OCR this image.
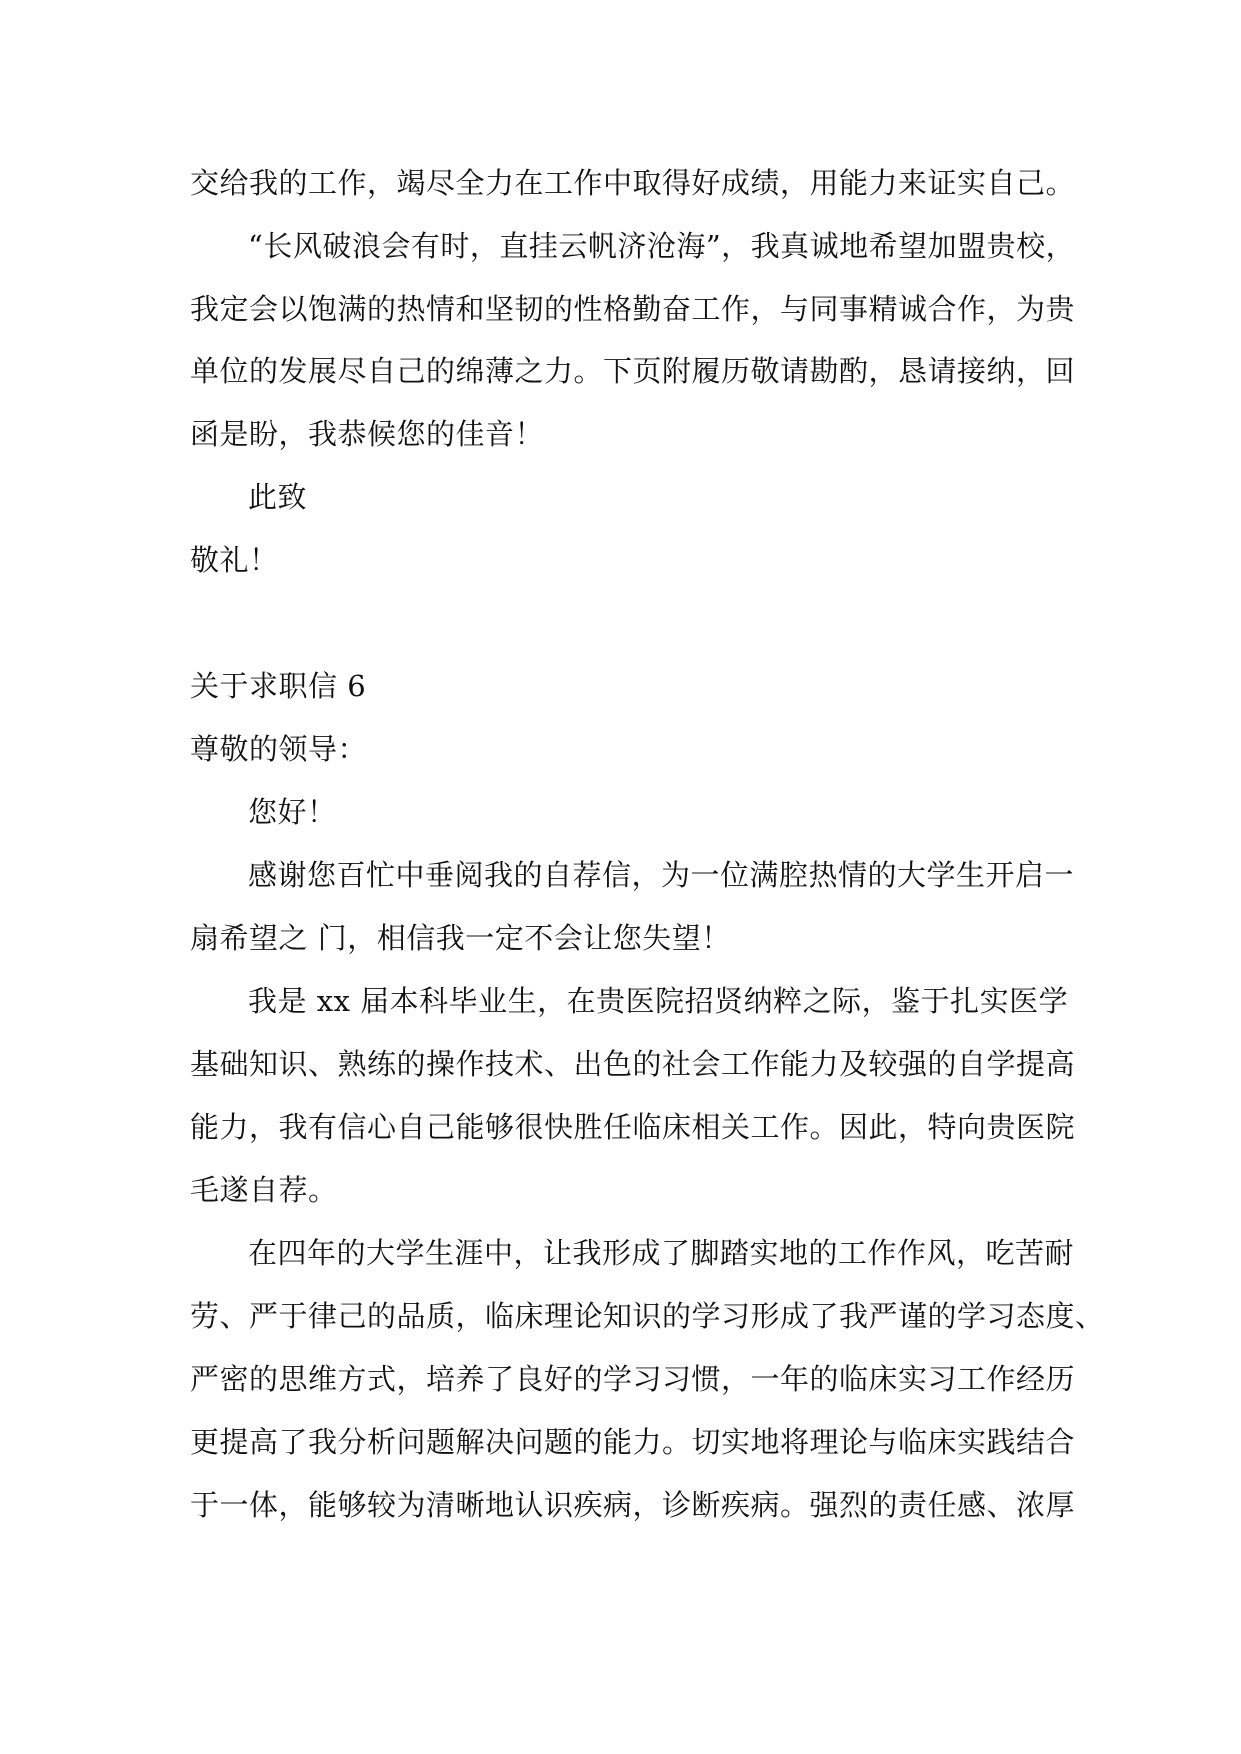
交给我的工作，竭尽全力在工作中取得好成绩，用能力来证实自己。
“长风破浪会有时，直挂云帆济沧海”，我真诚地希望加盟贵校，
我定会以饱满的热情和坚韧的性格勤奋工作，与同事精诚合作，为贵
单位的发展尽自己的绵薄之力。下页附履历敬请勘酌，恳请接纳，回
函是盼，我恭候您的佳音！
此致
敬礼！
关于求职信 6
尊敬的领导：
您好！
感谢您百忙中垂阅我的自荐信，为一位满腔热情的大学生开启一
扇希望之 门，相信我一定不会让您失望！
我是 xx 届本科毕业生，在贵医院招贤纳粹之际，鉴于扎实医学
基础知识、熟练的操作技术、出色的社会工作能力及较强的自学提高
能力，我有信心自己能够很快胜任临床相关工作。因此，特向贵医院
毛遂自荐。
在四年的大学生涯中，让我形成了脚踏实地的工作作风，吃苦耐
劳、严于律己的品质，临床理论知识的学习形成了我严谨的学习态度、
严密的思维方式，培养了良好的学习习惯，一年的临床实习工作经历
更提高了我分析问题解决问题的能力。切实地将理论与临床实践结合
于一体，能够较为清晰地认识疾病，诊断疾病。强烈的责任感、浓厚
